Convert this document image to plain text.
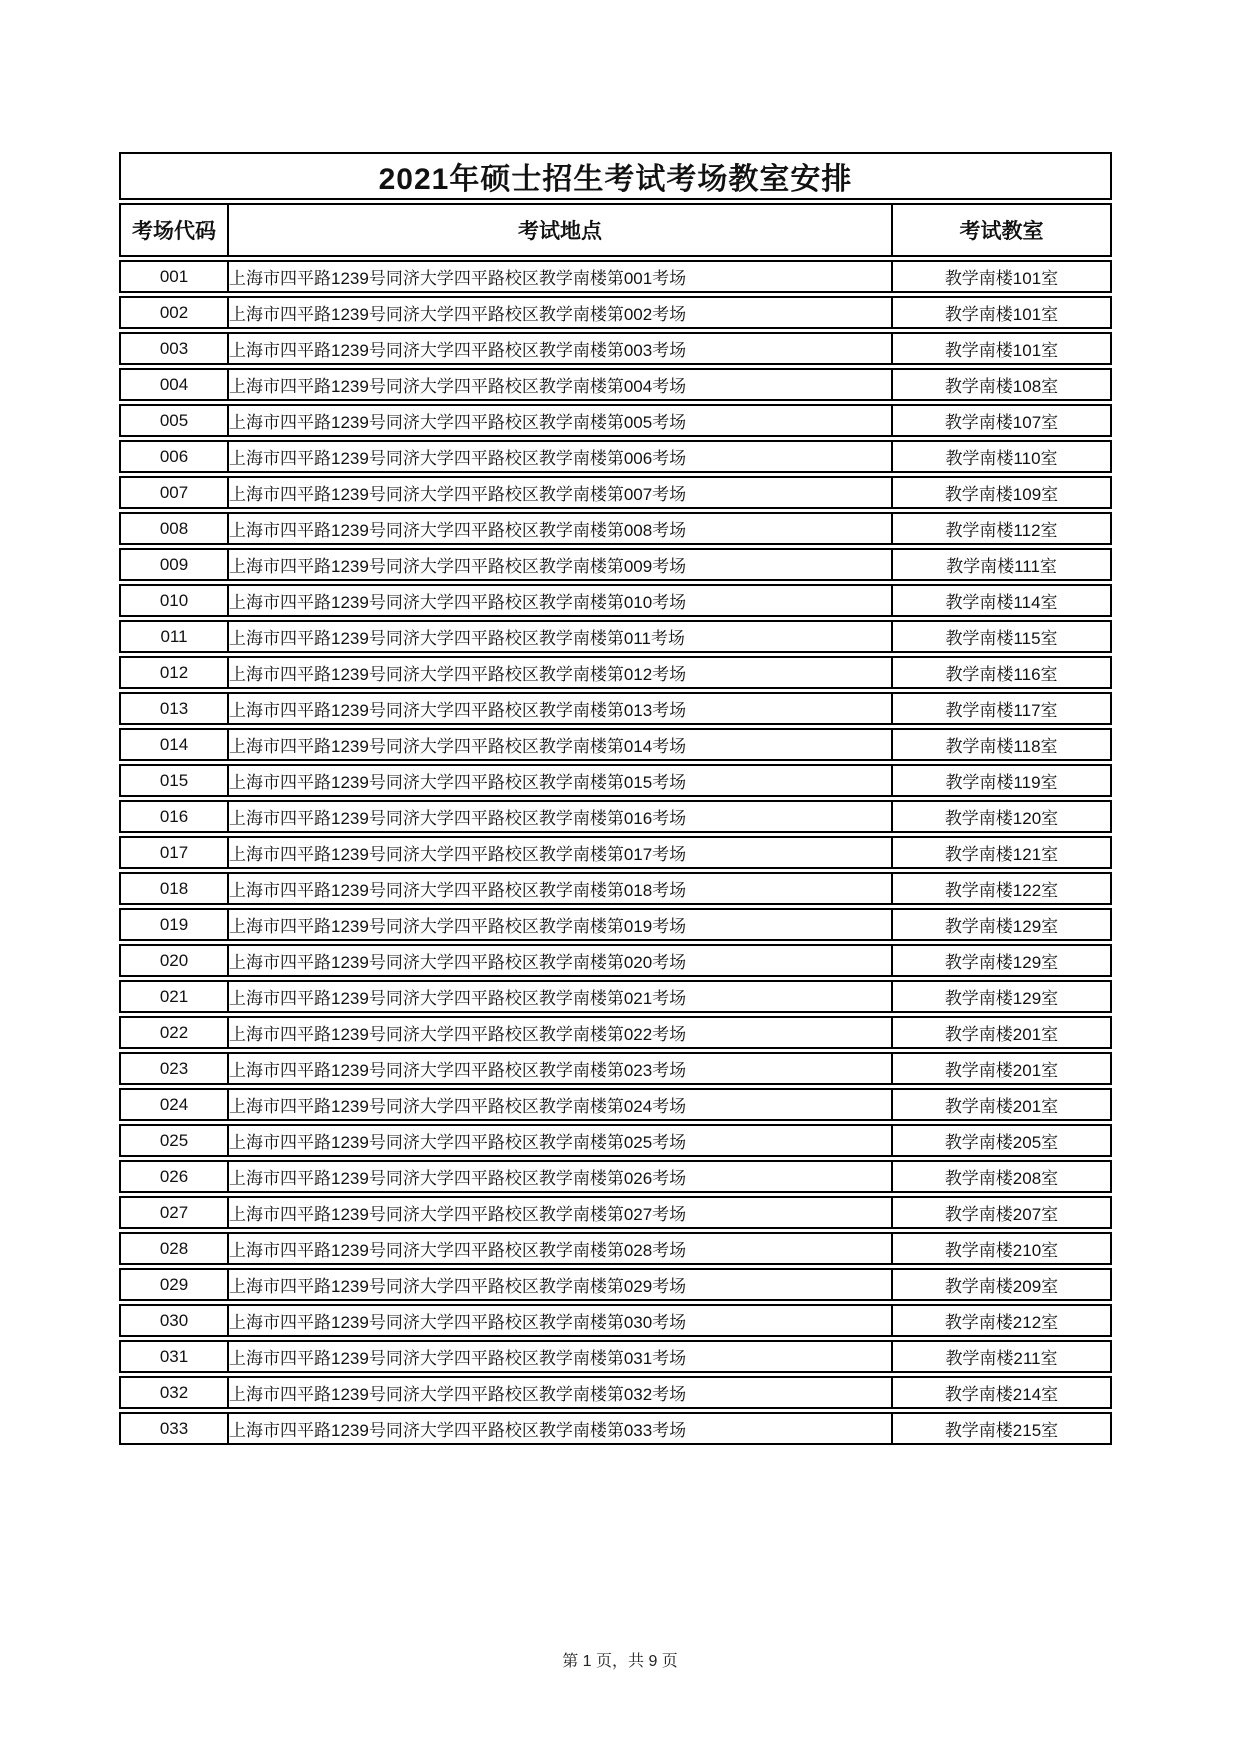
2021年硕士招生考试考场教室安排		
考场代码	考试地点	考试教室
001	上海市四平路1239号同济大学四平路校区教学南楼第001考场	教学南楼101室
002	上海市四平路1239号同济大学四平路校区教学南楼第002考场	教学南楼101室
003	上海市四平路1239号同济大学四平路校区教学南楼第003考场	教学南楼101室
004	上海市四平路1239号同济大学四平路校区教学南楼第004考场	教学南楼108室
005	上海市四平路1239号同济大学四平路校区教学南楼第005考场	教学南楼107室
006	上海市四平路1239号同济大学四平路校区教学南楼第006考场	教学南楼110室
007	上海市四平路1239号同济大学四平路校区教学南楼第007考场	教学南楼109室
008	上海市四平路1239号同济大学四平路校区教学南楼第008考场	教学南楼112室
009	上海市四平路1239号同济大学四平路校区教学南楼第009考场	教学南楼111室
010	上海市四平路1239号同济大学四平路校区教学南楼第010考场	教学南楼114室
011	上海市四平路1239号同济大学四平路校区教学南楼第011考场	教学南楼115室
012	上海市四平路1239号同济大学四平路校区教学南楼第012考场	教学南楼116室
013	上海市四平路1239号同济大学四平路校区教学南楼第013考场	教学南楼117室
014	上海市四平路1239号同济大学四平路校区教学南楼第014考场	教学南楼118室
015	上海市四平路1239号同济大学四平路校区教学南楼第015考场	教学南楼119室
016	上海市四平路1239号同济大学四平路校区教学南楼第016考场	教学南楼120室
017	上海市四平路1239号同济大学四平路校区教学南楼第017考场	教学南楼121室
018	上海市四平路1239号同济大学四平路校区教学南楼第018考场	教学南楼122室
019	上海市四平路1239号同济大学四平路校区教学南楼第019考场	教学南楼129室
020	上海市四平路1239号同济大学四平路校区教学南楼第020考场	教学南楼129室
021	上海市四平路1239号同济大学四平路校区教学南楼第021考场	教学南楼129室
022	上海市四平路1239号同济大学四平路校区教学南楼第022考场	教学南楼201室
023	上海市四平路1239号同济大学四平路校区教学南楼第023考场	教学南楼201室
024	上海市四平路1239号同济大学四平路校区教学南楼第024考场	教学南楼201室
025	上海市四平路1239号同济大学四平路校区教学南楼第025考场	教学南楼205室
026	上海市四平路1239号同济大学四平路校区教学南楼第026考场	教学南楼208室
027	上海市四平路1239号同济大学四平路校区教学南楼第027考场	教学南楼207室
028	上海市四平路1239号同济大学四平路校区教学南楼第028考场	教学南楼210室
029	上海市四平路1239号同济大学四平路校区教学南楼第029考场	教学南楼209室
030	上海市四平路1239号同济大学四平路校区教学南楼第030考场	教学南楼212室
031	上海市四平路1239号同济大学四平路校区教学南楼第031考场	教学南楼211室
032	上海市四平路1239号同济大学四平路校区教学南楼第032考场	教学南楼214室
033	上海市四平路1239号同济大学四平路校区教学南楼第033考场	教学南楼215室
第 1 页，共 9 页
